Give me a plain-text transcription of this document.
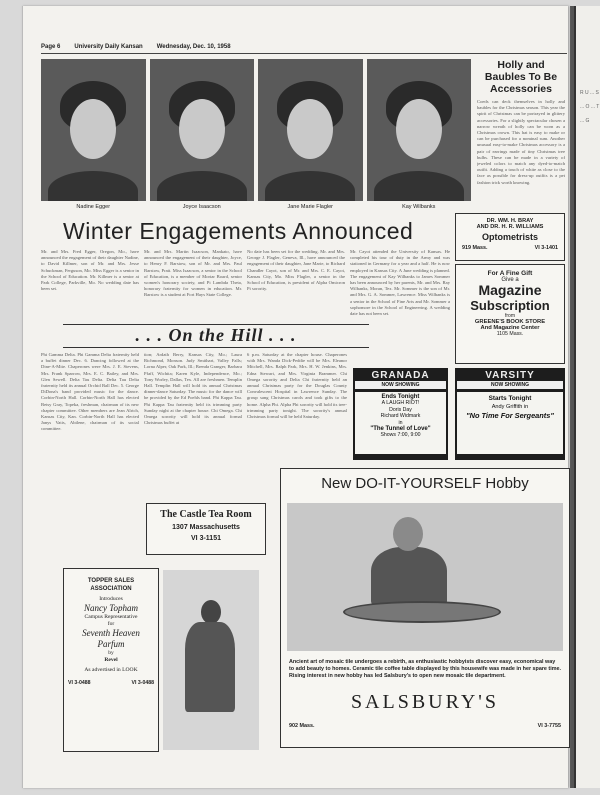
R U ... S ... O ... T ... G
Page 6 University Daily Kansan Wednesday, Dec. 10, 1958
Nadine Egger	Joyce Isaacson	Jane Marie Flagler	Kay Wilbanks
Holly and Baubles To Be Accessories
Coeds can deck themselves in holly and baubles for the Christmas season. This year the spirit of Christmas can be portrayed in glittery accessories. For a slightly spectacular chosen a narrow wreath of holly can be worn as a Christmas crown. This hat is easy to make or can be purchased for a nominal sum. Another unusual easy-to-make Christmas accessory is a pair of earrings made of tiny Christmas tree bulbs. These can be made in a variety of jeweled colors to match any dyed-to-match outfit. Adding a touch of white as close to the face as possible for dress-up outfits is a pet fashion trick worth knowing.
Winter Engagements Announced
Mr. and Mrs. Fred Egger, Oregon, Mo., have announced the engagement of their daughter Nadine, to David Killmer, son of Mr. and Mrs. Jesse Schuckman, Ferguson, Mo. Miss Egger is a senior in the School of Education. Mr. Killmer is a senior at Park College, Parkville, Mo. No wedding date has been set.
Mr. and Mrs. Martin Isaacson, Mankato, have announced the engagement of their daughter, Joyce, to Henry F. Barstow, son of Mr. and Mrs. Paul Barstow, Pratt. Miss Isaacson, a senior in the School of Education, is a member of Mortar Board, senior women's honorary society, and Pi Lambda Theta, honorary fraternity for women in education. Mr. Barstow is a student at Fort Hays State College.
No date has been set for the wedding. Mr. and Mrs. George J. Flagler, Geneva, Ill., have announced the engagement of their daughter, Jane Marie, to Richard Chandler Cayot, son of Mr. and Mrs. C. E. Cayot, Kansas City, Mo. Miss Flagler, a senior in the School of Education, is president of Alpha Omicron Pi sorority.
Mr. Cayot attended the University of Kansas. He completed his tour of duty in the Army and was stationed in Germany for a year and a half. He is now employed in Kansas City. A June wedding is planned. The engagement of Kay Wilbanks to James Sommer has been announced by her parents, Mr. and Mrs. Ray Wilbanks, Moran, Tex. Mr. Sommer is the son of Mr. and Mrs. G. A. Sommer, Lawrence. Miss Wilbanks is a senior in the School of Fine Arts and Mr. Sommer a sophomore in the School of Engineering. A wedding date has not been set.
DR. WM. H. BRAY
AND DR. H. R. WILLIAMS
Optometrists
919 Mass.	VI 3-1401
For A Fine Gift
Give a
Magazine
Subscription
from
GREENE'S BOOK STORE
And Magazine Center
1105 Mass.
. . . On the Hill . . .
Phi Gamma Delta. Phi Gamma Delta fraternity held a buffet dinner Dec. 6. Dancing followed at the Dine-A-Mite. Chaperones were Mrs. J. E. Stevens, Mrs. Frank Sparrow, Mrs. E. C. Bailey, and Mrs. Glen Sewell. Delta Tau Delta. Delta Tau Delta fraternity held its annual Orchid Ball Dec. 5. George DiDona's band provided music for the dance. Corbin-North Hall. Corbin-North Hall has elected Betsy Gray, Topeka, freshman, chairman of its new chapter committee. Other members are Jean Alrich, Kansas City, Kan. Corbin-North Hall has elected Janys Vatis, Abilene, chairman of its social committee.
tion; Ardath Berry, Kansas City, Mo.; Laura Richmond, Monson. Judy Smithart, Valley Falls; Lorna Alper, Oak Park, Ill.; Brenda Granger, Barbara Pfaff, Wichita; Karen Kyle, Independence, Mo.; Tony Worley, Dallas, Tex. All are freshmen. Templin Hall. Templin Hall will hold its annual Christmas dinner-dance Saturday. The music for the dance will be provided by the Ed Poehls band. Phi Kappa Tau. Phi Kappa Tau fraternity held its trimming party Sunday night at the chapter house. Chi Omega. Chi Omega sorority will hold its annual formal Christmas buffet at
6 p.m. Saturday at the chapter house. Chaperones with Mrs. Wanda Dick-Peddie will be Mrs. Eleanor Mitchell, Mrs. Ralph Park, Mrs. H. W. Jenkins, Mrs. Edna Stewart, and Mrs. Virginia Brammer. Chi Omega sorority and Delta Chi fraternity held an annual Christmas party for the Douglas County Convalescent Hospital in Lawrence Sunday. The group sang Christmas carols and took gifts to the home. Alpha Phi. Alpha Phi sorority will hold its tree-trimming party tonight. The sorority's annual Christmas formal will be held Saturday.
GRANADA
NOW SHOWING
Ends Tonight
A LAUGH RIOT!
Doris Day
Richard Widmark
in
"The Tunnel of Love"
Shows 7:00, 9:00
VARSITY
NOW SHOWING
Starts Tonight
Andy Griffith in
"No Time For Sergeants"
The Castle Tea Room
1307 Massachusetts
VI 3-1151
TOPPER SALES
ASSOCIATION
Introduces
Nancy Topham
Campus Representative
for
Seventh Heaven
Parfum
by
Revel
As advertised in LOOK
VI 3-0488	VI 3-0488
New DO-IT-YOURSELF Hobby
Ancient art of mosaic tile undergoes a rebirth, as enthusiastic hobbyists discover easy, economical way to add beauty to homes. Ceramic tile coffee table displayed by this housewife was made in her spare time. Rising interest in new hobby has led Salsbury's to open new mosaic tile department.
SALSBURY'S
902 Mass.	VI 3-7755
